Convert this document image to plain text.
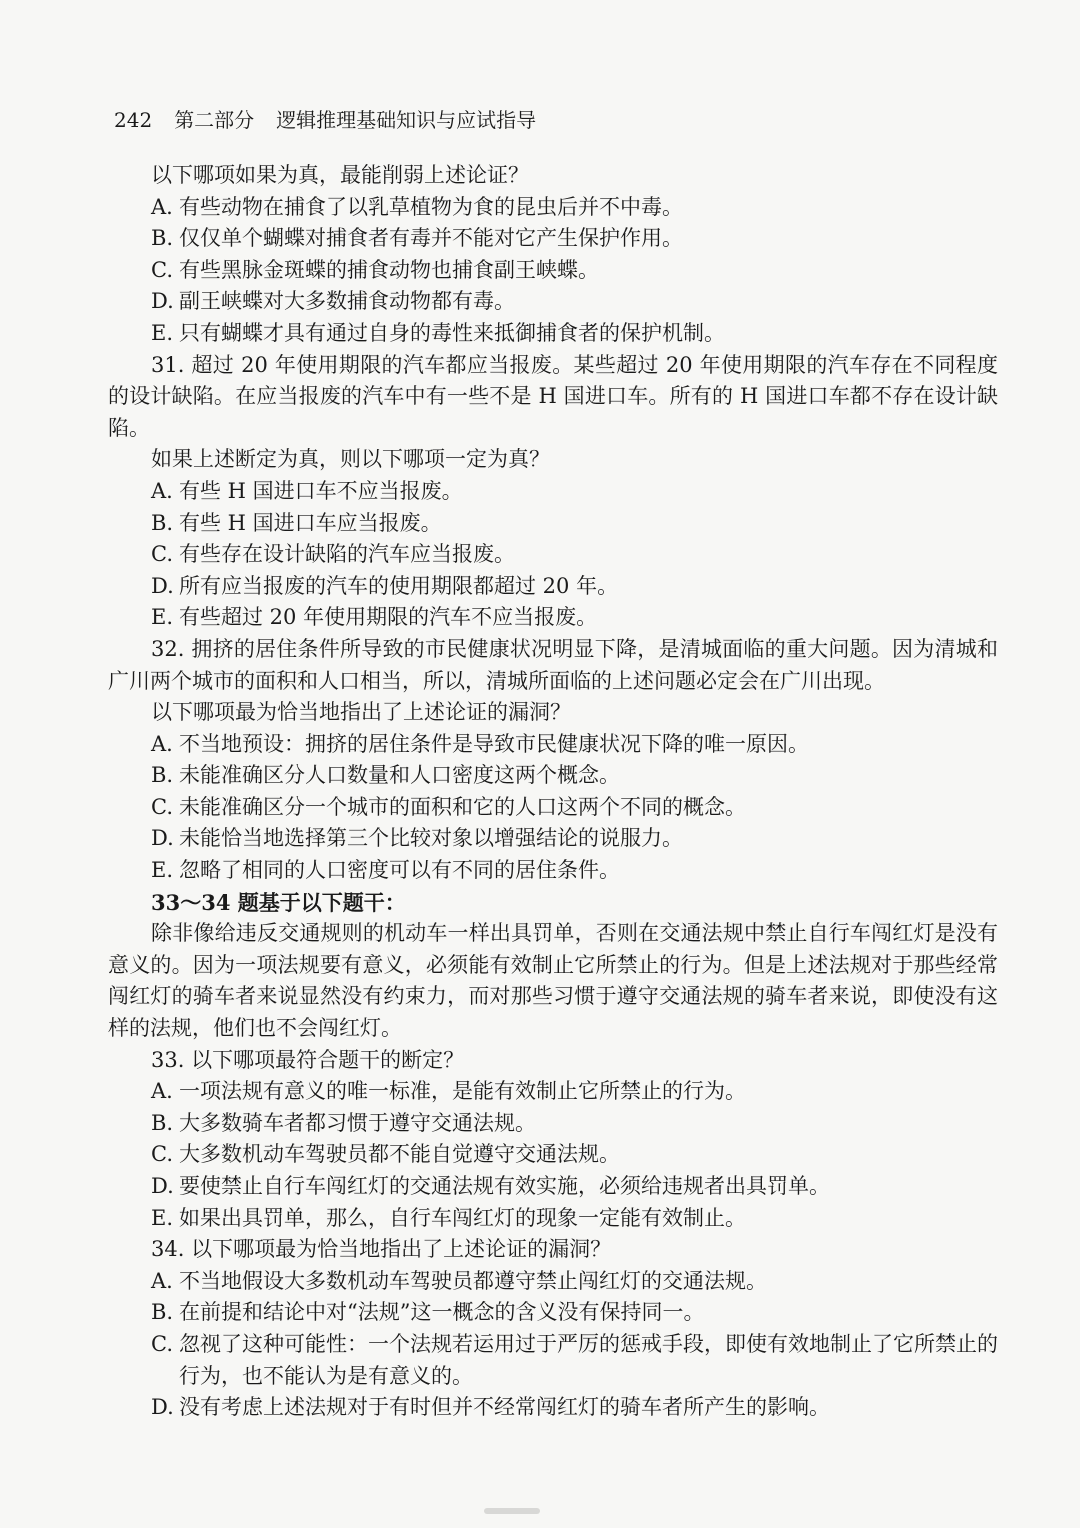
242 第二部分 逻辑推理基础知识与应试指导

以下哪项如果为真，最能削弱上述论证？

A. 有些动物在捕食了以乳草植物为食的昆虫后并不中毒。
B. 仅仅单个蝴蝶对捕食者有毒并不能对它产生保护作用。
C. 有些黑脉金斑蝶的捕食动物也捕食副王峡蝶。
D. 副王峡蝶对大多数捕食动物都有毒。
E. 只有蝴蝶才具有通过自身的毒性来抵御捕食者的保护机制。

31. 超过 20 年使用期限的汽车都应当报废。某些超过 20 年使用期限的汽车存在不同程度的设计缺陷。在应当报废的汽车中有一些不是 H 国进口车。所有的 H 国进口车都不存在设计缺陷。

如果上述断定为真，则以下哪项一定为真？

A. 有些 H 国进口车不应当报废。
B. 有些 H 国进口车应当报废。
C. 有些存在设计缺陷的汽车应当报废。
D. 所有应当报废的汽车的使用期限都超过 20 年。
E. 有些超过 20 年使用期限的汽车不应当报废。

32. 拥挤的居住条件所导致的市民健康状况明显下降，是清城面临的重大问题。因为清城和广川两个城市的面积和人口相当，所以，清城所面临的上述问题必定会在广川出现。

以下哪项最为恰当地指出了上述论证的漏洞？

A. 不当地预设：拥挤的居住条件是导致市民健康状况下降的唯一原因。
B. 未能准确区分人口数量和人口密度这两个概念。
C. 未能准确区分一个城市的面积和它的人口这两个不同的概念。
D. 未能恰当地选择第三个比较对象以增强结论的说服力。
E. 忽略了相同的人口密度可以有不同的居住条件。

33～34 题基于以下题干：

除非像给违反交通规则的机动车一样出具罚单，否则在交通法规中禁止自行车闯红灯是没有意义的。因为一项法规要有意义，必须能有效制止它所禁止的行为。但是上述法规对于那些经常闯红灯的骑车者来说显然没有约束力，而对那些习惯于遵守交通法规的骑车者来说，即使没有这样的法规，他们也不会闯红灯。

33. 以下哪项最符合题干的断定？

A. 一项法规有意义的唯一标准，是能有效制止它所禁止的行为。
B. 大多数骑车者都习惯于遵守交通法规。
C. 大多数机动车驾驶员都不能自觉遵守交通法规。
D. 要使禁止自行车闯红灯的交通法规有效实施，必须给违规者出具罚单。
E. 如果出具罚单，那么，自行车闯红灯的现象一定能有效制止。

34. 以下哪项最为恰当地指出了上述论证的漏洞？

A. 不当地假设大多数机动车驾驶员都遵守禁止闯红灯的交通法规。
B. 在前提和结论中对“法规”这一概念的含义没有保持同一。
C. 忽视了这种可能性：一个法规若运用过于严厉的惩戒手段，即使有效地制止了它所禁止的行为，也不能认为是有意义的。
D. 没有考虑上述法规对于有时但并不经常闯红灯的骑车者所产生的影响。
